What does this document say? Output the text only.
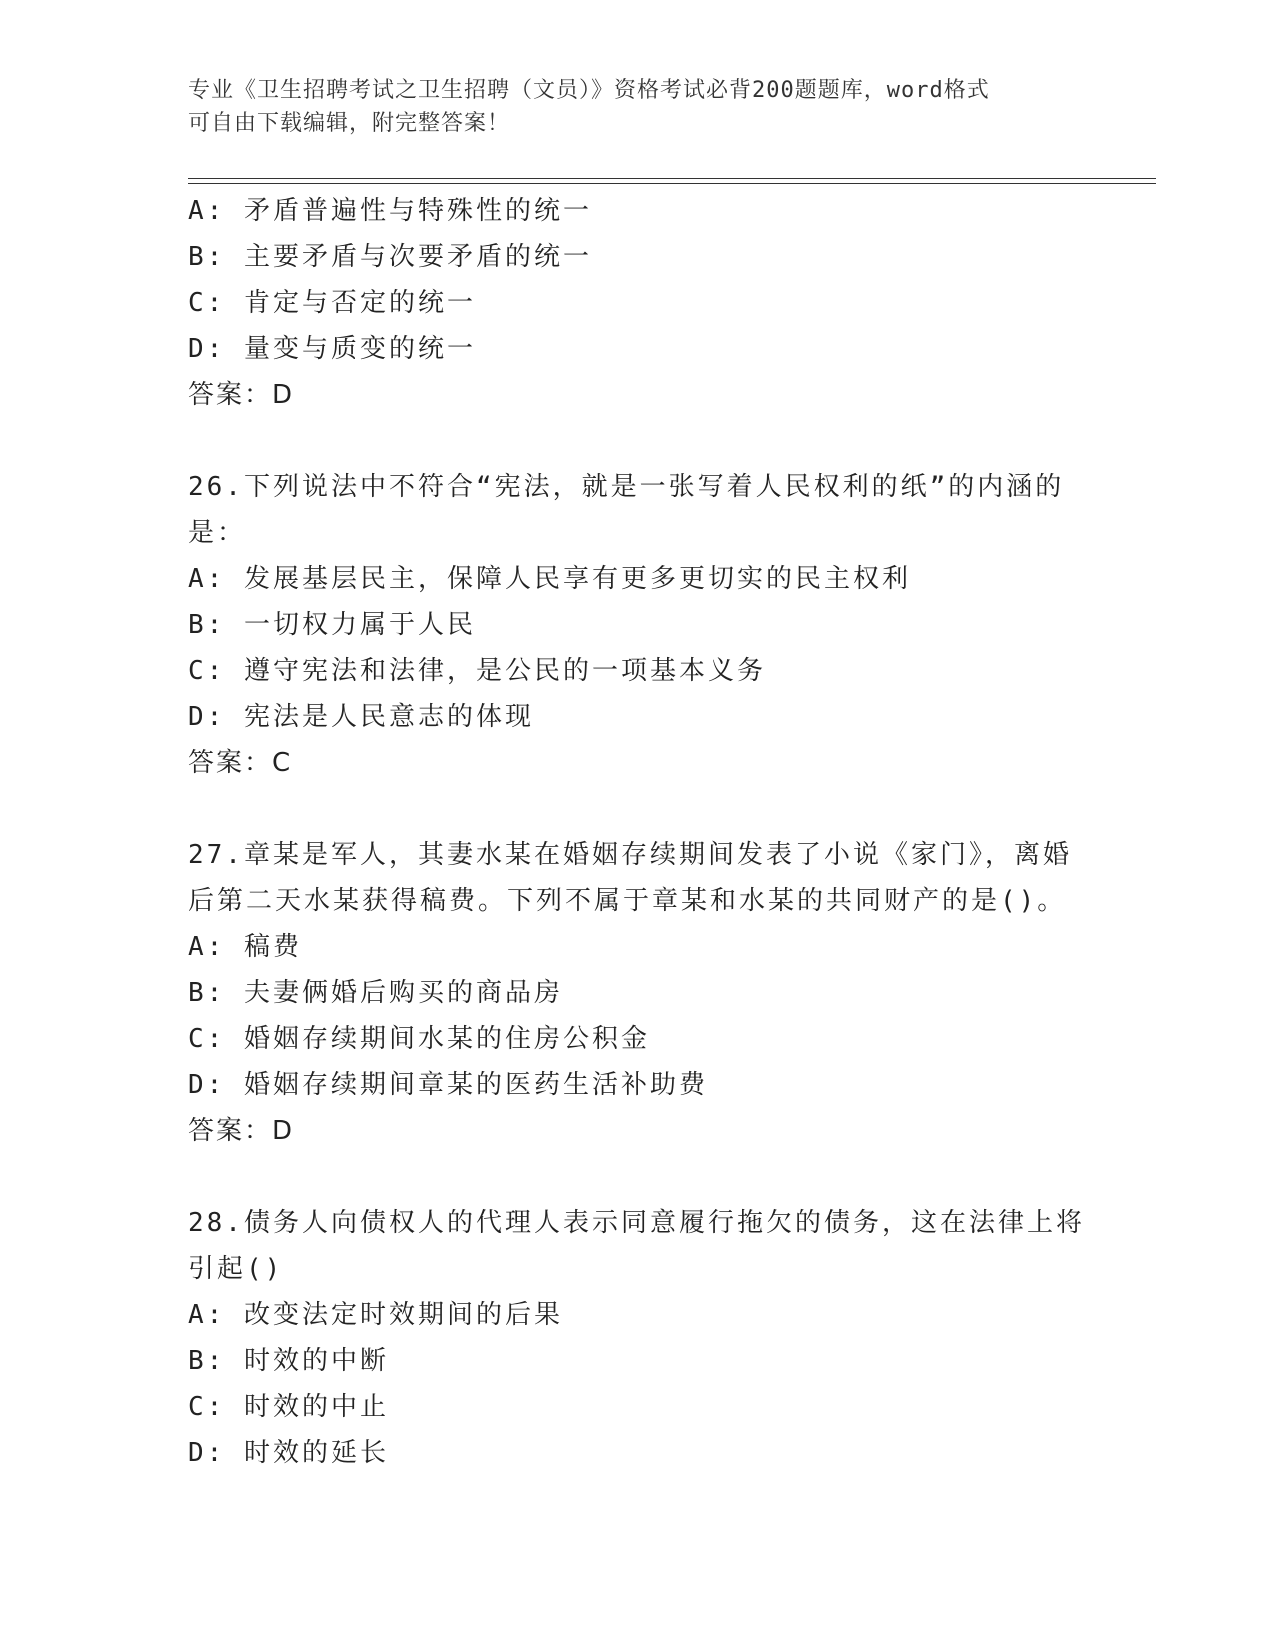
专业《卫生招聘考试之卫生招聘（文员）》资格考试必背200题题库，word格式
可自由下载编辑，附完整答案！
A: 矛盾普遍性与特殊性的统一
B: 主要矛盾与次要矛盾的统一
C: 肯定与否定的统一
D: 量变与质变的统一
答案：D
26.下列说法中不符合“宪法，就是一张写着人民权利的纸”的内涵的
是：
A: 发展基层民主，保障人民享有更多更切实的民主权利
B: 一切权力属于人民
C: 遵守宪法和法律，是公民的一项基本义务
D: 宪法是人民意志的体现
答案：C
27.章某是军人，其妻水某在婚姻存续期间发表了小说《家门》，离婚
后第二天水某获得稿费。下列不属于章某和水某的共同财产的是()。
A: 稿费
B: 夫妻俩婚后购买的商品房
C: 婚姻存续期间水某的住房公积金
D: 婚姻存续期间章某的医药生活补助费
答案：D
28.债务人向债权人的代理人表示同意履行拖欠的债务，这在法律上将
引起()
A: 改变法定时效期间的后果
B: 时效的中断
C: 时效的中止
D: 时效的延长
